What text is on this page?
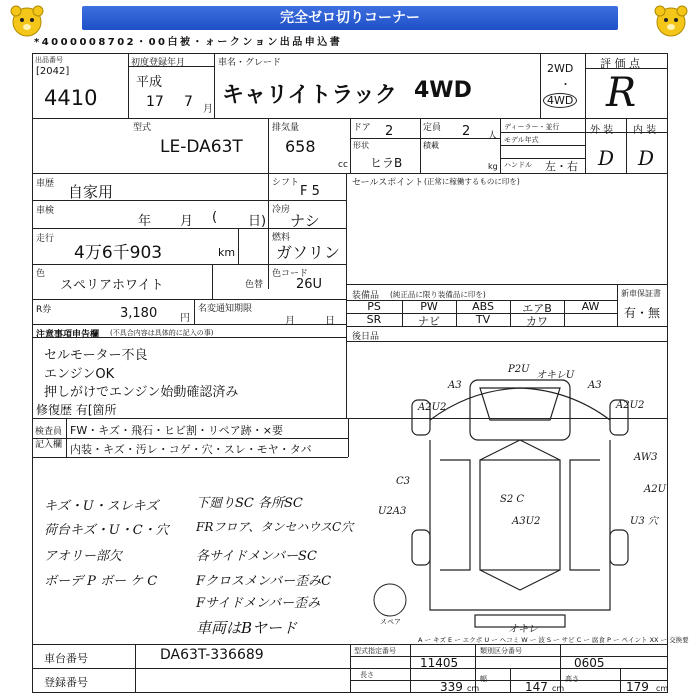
完全ゼロ切りコーナー
* 4 0 0 0 0 0 8 7 0 2 ・ 0 0 白 被 ・ ォ ー ク ン ョ ン 出 品 申 込 書
出品番号
[2042]
4410
初度登録年月
平成
17 7 月
車名・グレード
キャリイトラック 4WD
2WD
・
4WD
評 価 点
R
型式
LE-DA63T
排気量
658
cc
ドア 2	定員 2 人
ディーラー・並行
モデル年式
ハンドル 左・右
形状
ヒラB
積載
kg
外 装 内 装
D D
車歴 自家用	シフト
F 5
車検
年 月 ( 日)
冷房
ナシ
走行
4万6千903	km
燃料
ガソリン
色
スペリアホワイト	色替
色コード
26U
R券	3,180 円
名変通知期限
月	日
注意事項申告欄 (不具合内容は具体的に記入の事)
セルモーター不良
エンジンOK
押しがけでエンジン始動確認済み
修復歴 有[箇所
セールスポイント (正常に稼働するものに印を)
装備品 (純正品に限り装備品に印を)	新車保証書
PS	PW	ABS	エアB	AW
SR	ナビ	TV	カワ
有・無
後日品
検査員
記入欄
FW・キズ・飛石・ヒビ割・リペア跡・×要
内装・キズ・汚レ・コゲ・穴・スレ・モヤ・タバ
キズ・U・スレキズ
荷台キズ・U・C・穴
アオリー部欠
ボーデ P ボー ケ C
下廻りSC 各所SC
FRフロア、タンセハウスC穴
各サイドメンバーSC
Fクロスメンバー歪みC
Fサイドメンバー歪み
車両はBヤード	スペア
P2U
オキレU
A3	A3
A2U2
A2U2
AW3
C3
U2A3
S2 C
A3U2
A2U
U3 穴
オキレ
A ー キズ E ー エクボ U ー ヘコミ W ー 波 S ー サビ C ー 腐食 P ー ペイント XX ー 交換要
車台番号	DA63T-336689
登録番号
型式指定番号
11405
類別区分番号
0605
長さ
339 cm
幅
147 cm
高さ
179 cm
